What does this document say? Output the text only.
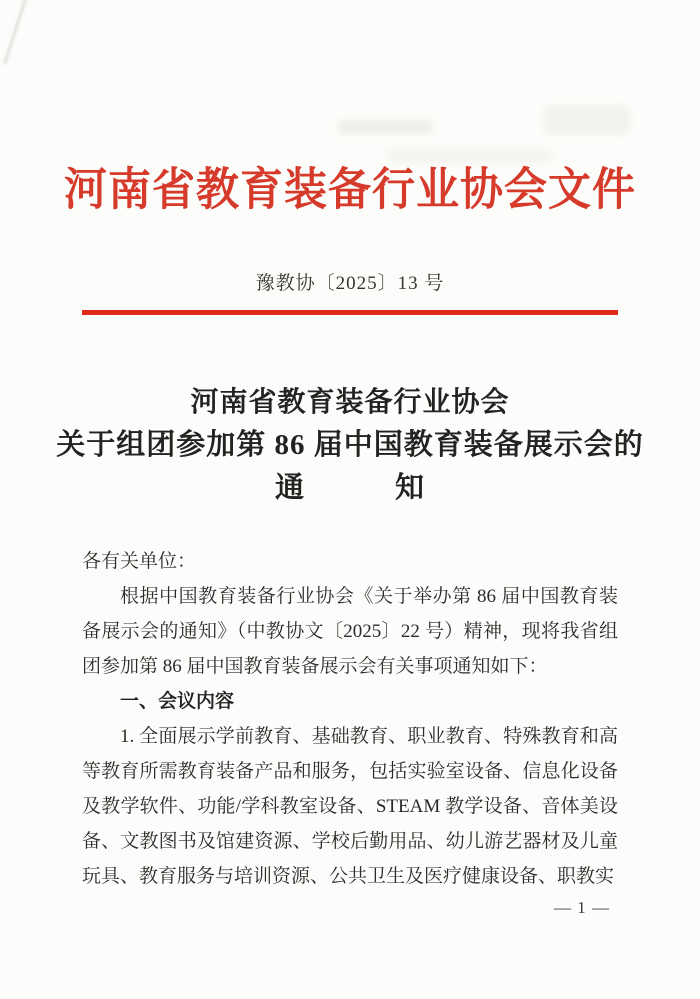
河南省教育装备行业协会文件
豫教协〔2025〕13 号
河南省教育装备行业协会
关于组团参加第 86 届中国教育装备展示会的
通　　　知

各有关单位：

根据中国教育装备行业协会《关于举办第 86 届中国教育装备展示会的通知》（中教协文〔2025〕22 号）精神，现将我省组团参加第 86 届中国教育装备展示会有关事项通知如下：

一、会议内容

1. 全面展示学前教育、基础教育、职业教育、特殊教育和高等教育所需教育装备产品和服务，包括实验室设备、信息化设备及教学软件、功能/学科教室设备、STEAM 教学设备、音体美设备、文教图书及馆建资源、学校后勤用品、幼儿游艺器材及儿童玩具、教育服务与培训资源、公共卫生及医疗健康设备、职教实

— 1 —
